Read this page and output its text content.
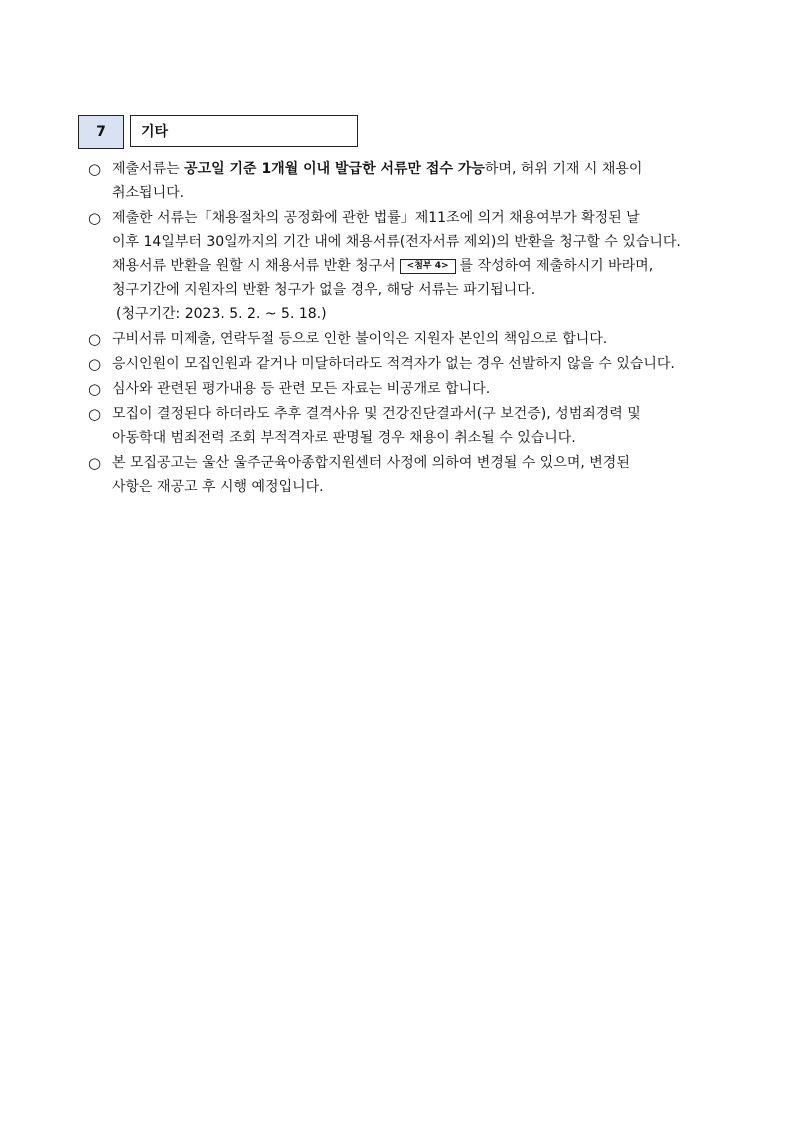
7	기타
○ 제출서류는 공고일 기준 1개월 이내 발급한 서류만 접수 가능하며, 허위 기재 시 채용이
취소됩니다.
○ 제출한 서류는「채용절차의 공정화에 관한 법률」제11조에 의거 채용여부가 확정된 날
이후 14일부터 30일까지의 기간 내에 채용서류(전자서류 제외)의 반환을 청구할 수 있습니다.
채용서류 반환을 원할 시 채용서류 반환 청구서 <첨부 4> 를 작성하여 제출하시기 바라며,
청구기간에 지원자의 반환 청구가 없을 경우, 해당 서류는 파기됩니다.
(청구기간: 2023. 5. 2. ~ 5. 18.)
○ 구비서류 미제출, 연락두절 등으로 인한 불이익은 지원자 본인의 책임으로 합니다.
○ 응시인원이 모집인원과 같거나 미달하더라도 적격자가 없는 경우 선발하지 않을 수 있습니다.
○ 심사와 관련된 평가내용 등 관련 모든 자료는 비공개로 합니다.
○ 모집이 결정된다 하더라도 추후 결격사유 및 건강진단결과서(구 보건증), 성범죄경력 및
아동학대 범죄전력 조회 부적격자로 판명될 경우 채용이 취소될 수 있습니다.
○ 본 모집공고는 울산 울주군육아종합지원센터 사정에 의하여 변경될 수 있으며, 변경된
사항은 재공고 후 시행 예정입니다.
